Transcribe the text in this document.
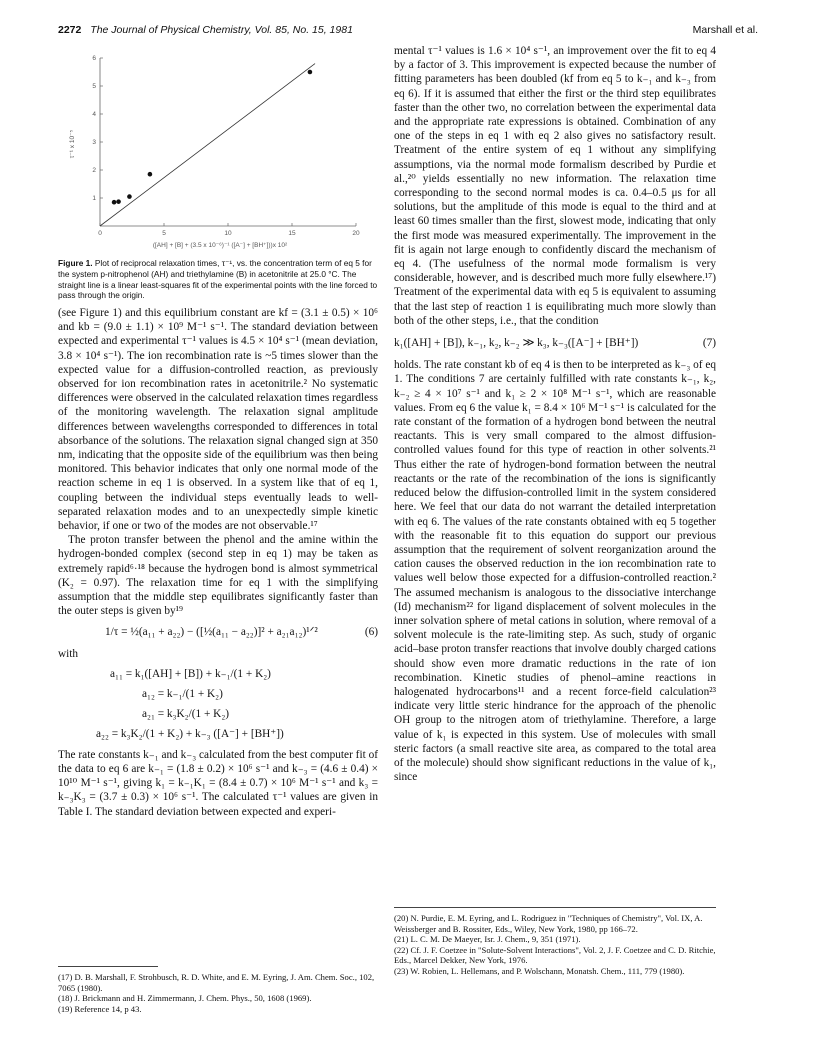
2272 The Journal of Physical Chemistry, Vol. 85, No. 15, 1981	Marshall et al.
0	5	10	15	20
1
2
3
4
5
6
τ⁻¹ x 10⁻⁵
([AH] + [B] + (3.5 x 10⁻⁶)⁻¹ ([A⁻] + [BH⁺]))x 10²
Figure 1. Plot of reciprocal relaxation times, τ⁻¹, vs. the concentration term of eq 5 for the system p-nitrophenol (AH) and triethylamine (B) in acetonitrile at 25.0 °C. The straight line is a linear least-squares fit of the experimental points with the line forced to pass through the origin.

(see Figure 1) and this equilibrium constant are kf = (3.1 ± 0.5) × 10⁶ and kb = (9.0 ± 1.1) × 10⁹ M⁻¹ s⁻¹. The standard deviation between expected and experimental τ⁻¹ values is 4.5 × 10⁴ s⁻¹ (mean deviation, 3.8 × 10⁴ s⁻¹). The ion recombination rate is ~5 times slower than the expected value for a diffusion-controlled reaction, as previously observed for ion recombination rates in acetonitrile.² No systematic differences were observed in the calculated relaxation times regardless of the monitoring wavelength. The relaxation signal amplitude differences between wavelengths corresponded to differences in total absorbance of the solutions. The relaxation signal changed sign at 350 nm, indicating that the opposite side of the equilibrium was then being monitored. This behavior indicates that only one normal mode of the reaction scheme in eq 1 is observed. In a system like that of eq 1, coupling between the individual steps eventually leads to well-separated relaxation modes and to an unexpectedly simple kinetic behavior, if one or two of the modes are not observable.¹⁷

The proton transfer between the phenol and the amine within the hydrogen-bonded complex (second step in eq 1) may be taken as extremely rapid⁶·¹⁸ because the hydrogen bond is almost symmetrical (K₂ = 0.97). The relaxation time for eq 1 with the simplifying assumption that the middle step equilibrates significantly faster than the outer steps is given by¹⁹

(6)
1/τ = ½(a₁₁ + a₂₂) − ([½(a₁₁ − a₂₂)]² + a₂₁a₁₂)¹ᐟ²
with
a₁₁ = k₁([AH] + [B]) + k₋₁/(1 + K₂)
a₁₂ = k₋₁/(1 + K₂)
a₂₁ = k₃K₂/(1 + K₂)
a₂₂ = k₃K₂/(1 + K₂) + k₋₃ ([A⁻] + [BH⁺])

The rate constants k₋₁ and k₋₃ calculated from the best computer fit of the data to eq 6 are k₋₁ = (1.8 ± 0.2) × 10⁶ s⁻¹ and k₋₃ = (4.6 ± 0.4) × 10¹⁰ M⁻¹ s⁻¹, giving k₁ = k₋₁K₁ = (8.4 ± 0.7) × 10⁶ M⁻¹ s⁻¹ and k₃ = k₋₃K₃ = (3.7 ± 0.3) × 10⁶ s⁻¹. The calculated τ⁻¹ values are given in Table I. The standard deviation between expected and experi-

(17) D. B. Marshall, F. Strohbusch, R. D. White, and E. M. Eyring, J. Am. Chem. Soc., 102, 7065 (1980).

(18) J. Brickmann and H. Zimmermann, J. Chem. Phys., 50, 1608 (1969).

(19) Reference 14, p 43.

mental τ⁻¹ values is 1.6 × 10⁴ s⁻¹, an improvement over the fit to eq 4 by a factor of 3. This improvement is expected because the number of fitting parameters has been doubled (kf from eq 5 to k₋₁ and k₋₃ from eq 6). If it is assumed that either the first or the third step equilibrates faster than the other two, no correlation between the experimental data and the appropriate rate expressions is obtained. Combination of any one of the steps in eq 1 with eq 2 also gives no satisfactory result. Treatment of the entire system of eq 1 without any simplifying assumptions, via the normal mode formalism described by Purdie et al.,²⁰ yields essentially no new information. The relaxation time corresponding to the second normal modes is ca. 0.4–0.5 μs for all solutions, but the amplitude of this mode is equal to the third and at least 60 times smaller than the first, slowest mode, indicating that only the first mode was measured experimentally. The improvement in the fit is again not large enough to confidently discard the mechanism of eq 4. (The usefulness of the normal mode formalism is very considerable, however, and is described much more fully elsewhere.¹⁷) Treatment of the experimental data with eq 5 is equivalent to assuming that the last step of reaction 1 is equilibrating much more slowly than both of the other steps, i.e., that the condition

(7)
k₁([AH] + [B]), k₋₁, k₂, k₋₂ ≫ k₃, k₋₃([A⁻] + [BH⁺])

holds. The rate constant kb of eq 4 is then to be interpreted as k₋₃ of eq 1. The conditions 7 are certainly fulfilled with rate constants k₋₁, k₂, k₋₂ ≥ 4 × 10⁷ s⁻¹ and k₁ ≥ 2 × 10⁸ M⁻¹ s⁻¹, which are reasonable values. From eq 6 the value k₁ = 8.4 × 10⁶ M⁻¹ s⁻¹ is calculated for the rate constant of the formation of a hydrogen bond between the neutral reactants. This is very small compared to the almost diffusion-controlled values found for this type of reaction in other solvents.²¹ Thus either the rate of hydrogen-bond formation between the neutral reactants or the rate of the recombination of the ions is significantly reduced below the diffusion-controlled limit in the system considered here. We feel that our data do not warrant the detailed interpretation with eq 6. The values of the rate constants obtained with eq 5 together with the reasonable fit to this equation do support our previous assumption that the requirement of solvent reorganization around the cation causes the observed reduction in the ion recombination rate to values well below those expected for a diffusion-controlled reaction.² The assumed mechanism is analogous to the dissociative interchange (Id) mechanism²² for ligand displacement of solvent molecules in the inner solvation sphere of metal cations in solution, where removal of a solvent molecule is the rate-limiting step. As such, study of organic acid–base proton transfer reactions that involve doubly charged cations should show even more dramatic reductions in the rate of ion recombination. Kinetic studies of phenol–amine reactions in halogenated hydrocarbons¹¹ and a recent force-field calculation²³ indicate very little steric hindrance for the approach of the phenolic OH group to the nitrogen atom of triethylamine. Therefore, a large value of k₁ is expected in this system. Use of molecules with small steric factors (a small reactive site area, as compared to the total area of the molecule) should show significant reductions in the value of k₁, since

(20) N. Purdie, E. M. Eyring, and L. Rodriguez in "Techniques of Chemistry", Vol. IX, A. Weissberger and B. Rossiter, Eds., Wiley, New York, 1980, pp 166–72.

(21) L. C. M. De Maeyer, Isr. J. Chem., 9, 351 (1971).

(22) Cf. J. F. Coetzee in "Solute-Solvent Interactions", Vol. 2, J. F. Coetzee and C. D. Ritchie, Eds., Marcel Dekker, New York, 1976.

(23) W. Robien, L. Hellemans, and P. Wolschann, Monatsh. Chem., 111, 779 (1980).
